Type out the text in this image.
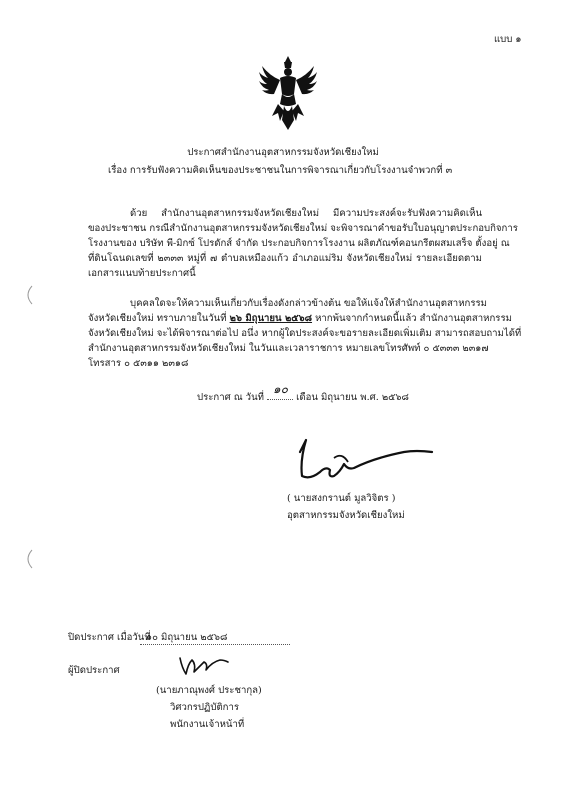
แบบ ๑
ประกาศสำนักงานอุตสาหกรรมจังหวัดเชียงใหม่
เรื่อง การรับฟังความคิดเห็นของประชาชนในการพิจารณาเกี่ยวกับโรงงานจำพวกที่ ๓
ด้วย สำนักงานอุตสาหกรรมจังหวัดเชียงใหม่ มีความประสงค์จะรับฟังความคิดเห็น
ของประชาชน กรณีสำนักงานอุตสาหกรรมจังหวัดเชียงใหม่ จะพิจารณาคำขอรับใบอนุญาตประกอบกิจการ
โรงงานของ บริษัท พี-มิกซ์ โปรดักส์ จำกัด ประกอบกิจการโรงงาน ผลิตภัณฑ์คอนกรีตผสมเสร็จ ตั้งอยู่ ณ
ที่ดินโฉนดเลขที่ ๒๓๓๓ หมู่ที่ ๗ ตำบลเหมืองแก้ว อำเภอแม่ริม จังหวัดเชียงใหม่ รายละเอียดตาม
เอกสารแนบท้ายประกาศนี้
บุคคลใดจะให้ความเห็นเกี่ยวกับเรื่องดังกล่าวข้างต้น ขอให้แจ้งให้สำนักงานอุตสาหกรรม
จังหวัดเชียงใหม่ ทราบภายในวันที่ ๒๖ มิถุนายน ๒๕๖๘ หากพ้นจากกำหนดนี้แล้ว สำนักงานอุตสาหกรรม
จังหวัดเชียงใหม่ จะได้พิจารณาต่อไป อนึ่ง หากผู้ใดประสงค์จะขอรายละเอียดเพิ่มเติม สามารถสอบถามได้ที่
สำนักงานอุตสาหกรรมจังหวัดเชียงใหม่ ในวันและเวลาราชการ หมายเลขโทรศัพท์ ๐ ๕๓๓๓ ๒๓๑๗
โทรสาร ๐ ๕๓๑๑ ๒๓๑๘
ประกาศ ณ วันที่
๑๐
เดือน มิถุนายน พ.ศ. ๒๕๖๘
( นายสงกรานต์ มูลวิจิตร )
อุตสาหกรรมจังหวัดเชียงใหม่
ปิดประกาศ เมื่อวันที่
๑๐ มิถุนายน ๒๕๖๘
ผู้ปิดประกาศ
(นายภาณุพงศ์ ประชากุล)
วิศวกรปฏิบัติการ
พนักงานเจ้าหน้าที่
